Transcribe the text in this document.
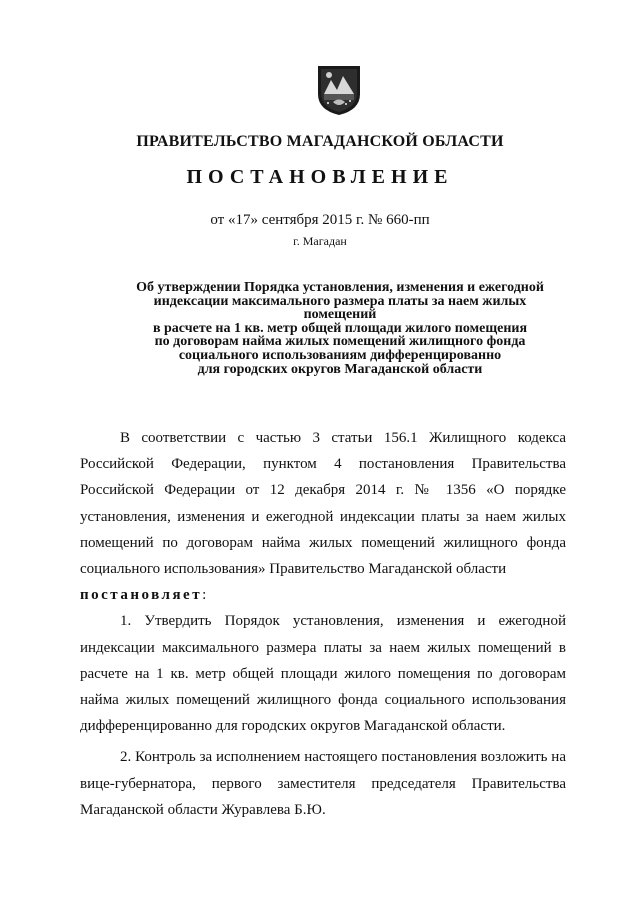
ПРАВИТЕЛЬСТВО МАГАДАНСКОЙ ОБЛАСТИ
ПОСТАНОВЛЕНИЕ
от «17» сентября 2015 г. № 660-пп
г. Магадан
Об утверждении Порядка установления, изменения и ежегодной
индексации максимального размера платы за наем жилых помещений
в расчете на 1 кв. метр общей площади жилого помещения
по договорам найма жилых помещений жилищного фонда
социального использованиям дифференцированно
для городских округов Магаданской области

В соответствии с частью 3 статьи 156.1 Жилищного кодекса Российской Федерации, пунктом 4 постановления Правительства Российской Федерации от 12 декабря 2014 г. № 1356 «О порядке установления, изменения и ежегодной индексации платы за наем жилых помещений по договорам найма жилых помещений жилищного фонда социального использования» Правительство Магаданской области

постановляет:

1. Утвердить Порядок установления, изменения и ежегодной индексации максимального размера платы за наем жилых помещений в расчете на 1 кв. метр общей площади жилого помещения по договорам найма жилых помещений жилищного фонда социального использования дифференцированно для городских округов Магаданской области.

2. Контроль за исполнением настоящего постановления возложить на вице-губернатора, первого заместителя председателя Правительства Магаданской области Журавлева Б.Ю.
